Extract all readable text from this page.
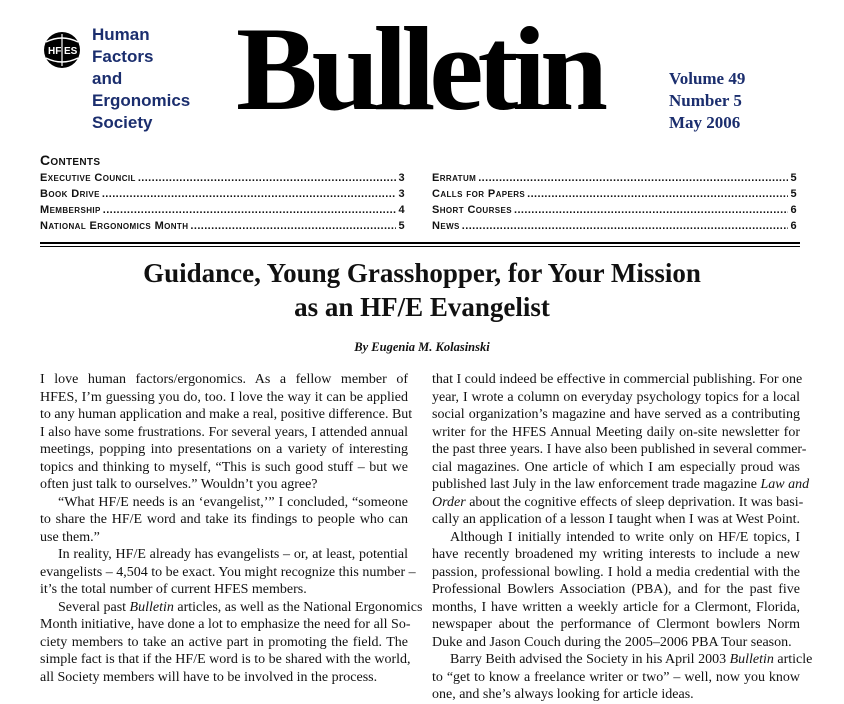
HF ES
Human
Factors
and
Ergonomics
Society Bulletin	Volume 49
Number 5
May 2006
Contents
Executive Council .....	3
Book Drive .....	3
Membership .....	4
National Ergonomics Month .....	5
Erratum .....	5
Calls for Papers .....	5
Short Courses .....	6
News .....	6
Guidance, Young Grasshopper, for Your Mission
as an HF/E Evangelist
By Eugenia M. Kolasinski
I love human factors/ergonomics. As a fellow member of
HFES, I’m guessing you do, too. I love the way it can be applied
to any human application and make a real, positive difference. But
I also have some frustrations. For several years, I attended annual
meetings, popping into presentations on a variety of interesting
topics and thinking to myself, “This is such good stuff – but we
often just talk to ourselves.” Wouldn’t you agree?
“What HF/E needs is an ‘evangelist,’” I concluded, “someone
to share the HF/E word and take its findings to people who can
use them.”
In reality, HF/E already has evangelists – or, at least, potential
evangelists – 4,504 to be exact. You might recognize this number –
it’s the total number of current HFES members.
Several past Bulletin articles, as well as the National Ergonomics
Month initiative, have done a lot to emphasize the need for all So-
ciety members to take an active part in promoting the field. The
simple fact is that if the HF/E word is to be shared with the world,
all Society members will have to be involved in the process.
that I could indeed be effective in commercial publishing. For one
year, I wrote a column on everyday psychology topics for a local
social organization’s magazine and have served as a contributing
writer for the HFES Annual Meeting daily on-site newsletter for
the past three years. I have also been published in several commer-
cial magazines. One article of which I am especially proud was
published last July in the law enforcement trade magazine Law and
Order about the cognitive effects of sleep deprivation. It was basi-
cally an application of a lesson I taught when I was at West Point.
Although I initially intended to write only on HF/E topics, I
have recently broadened my writing interests to include a new
passion, professional bowling. I hold a media credential with the
Professional Bowlers Association (PBA), and for the past five
months, I have written a weekly article for a Clermont, Florida,
newspaper about the performance of Clermont bowlers Norm
Duke and Jason Couch during the 2005–2006 PBA Tour season.
Barry Beith advised the Society in his April 2003 Bulletin article
to “get to know a freelance writer or two” – well, now you know
one, and she’s always looking for article ideas.
